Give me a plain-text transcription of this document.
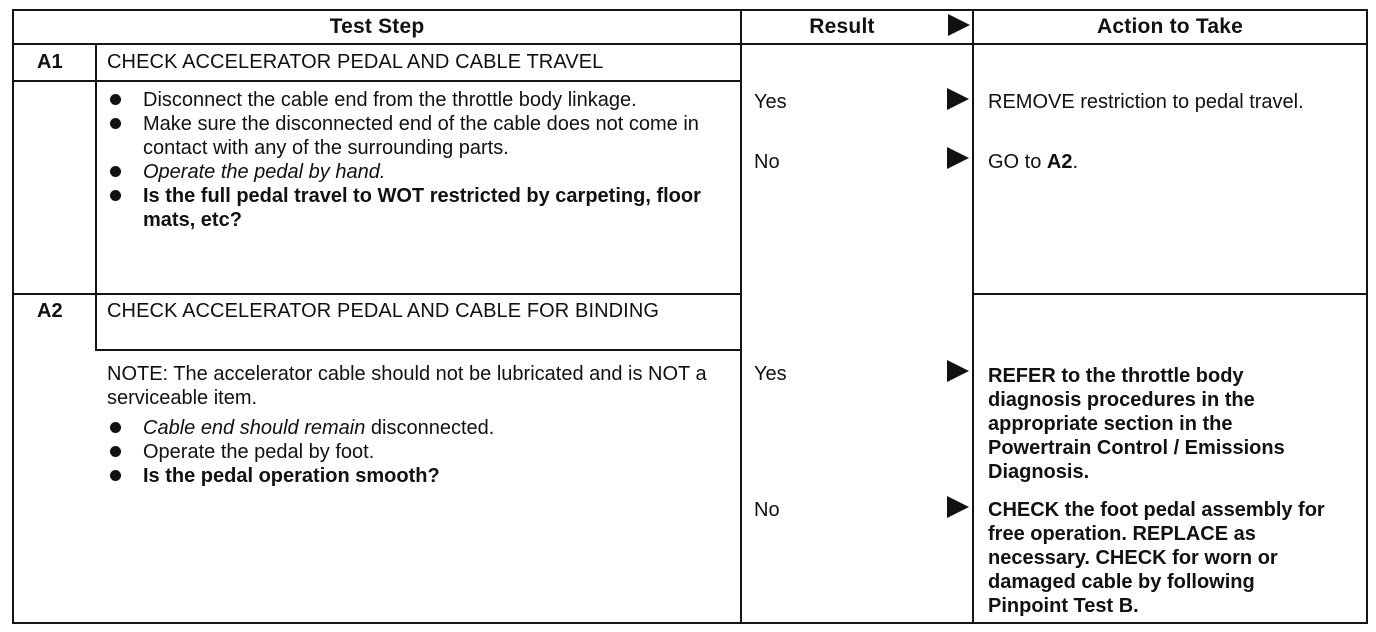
Test Step	Result	Action to Take
A1 CHECK ACCELERATOR PEDAL AND CABLE TRAVEL
Disconnect the cable end from the throttle body linkage.
Make sure the disconnected end of the cable does not come in contact with any of the surrounding parts.
Operate the pedal by hand.
Is the full pedal travel to WOT restricted by carpeting, floor mats, etc?
Yes	REMOVE restriction to pedal travel.
No	GO to A2.
A2 CHECK ACCELERATOR PEDAL AND CABLE FOR BINDING
NOTE: The accelerator cable should not be lubricated and is NOT a serviceable item.
Cable end should remain disconnected.
Operate the pedal by foot.
Is the pedal operation smooth?
Yes	REFER to the throttle body diagnosis procedures in the appropriate section in the Powertrain Control / Emissions Diagnosis.
No	CHECK the foot pedal assembly for free operation. REPLACE as necessary. CHECK for worn or damaged cable by following Pinpoint Test B.
